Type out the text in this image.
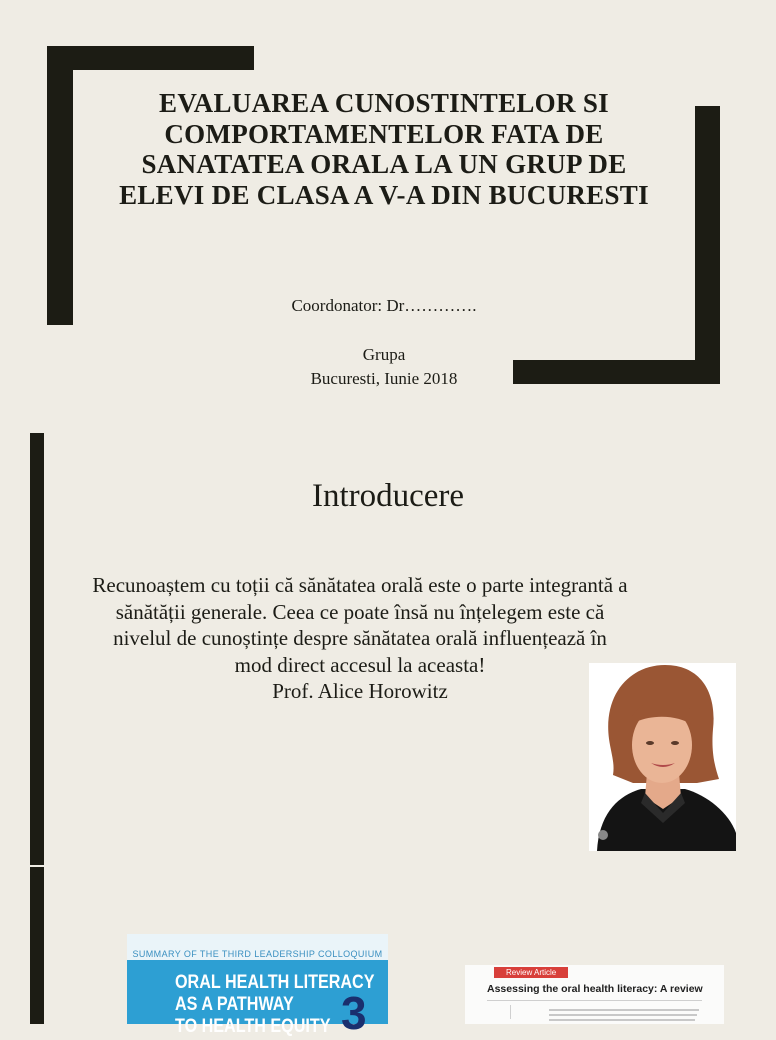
EVALUAREA CUNOSTINTELOR SI COMPORTAMENTELOR FATA DE SANATATEA ORALA LA UN GRUP DE ELEVI DE CLASA A V-A DIN BUCURESTI
Coordonator: Dr………….
Grupa
Bucuresti, Iunie 2018
Introducere
Recunoaștem cu toții că sănătatea orală este o parte integrantă a
sănătății generale. Ceea ce poate însă nu înțelegem este că
nivelul de cunoștințe despre sănătatea orală influențează în
mod direct accesul la aceasta!
Prof. Alice Horowitz
SUMMARY OF THE THIRD LEADERSHIP COLLOQUIUM
ORAL HEALTH LITERACY
AS A PATHWAY
TO HEALTH EQUITY 3
Review Article
Assessing the oral health literacy: A review
